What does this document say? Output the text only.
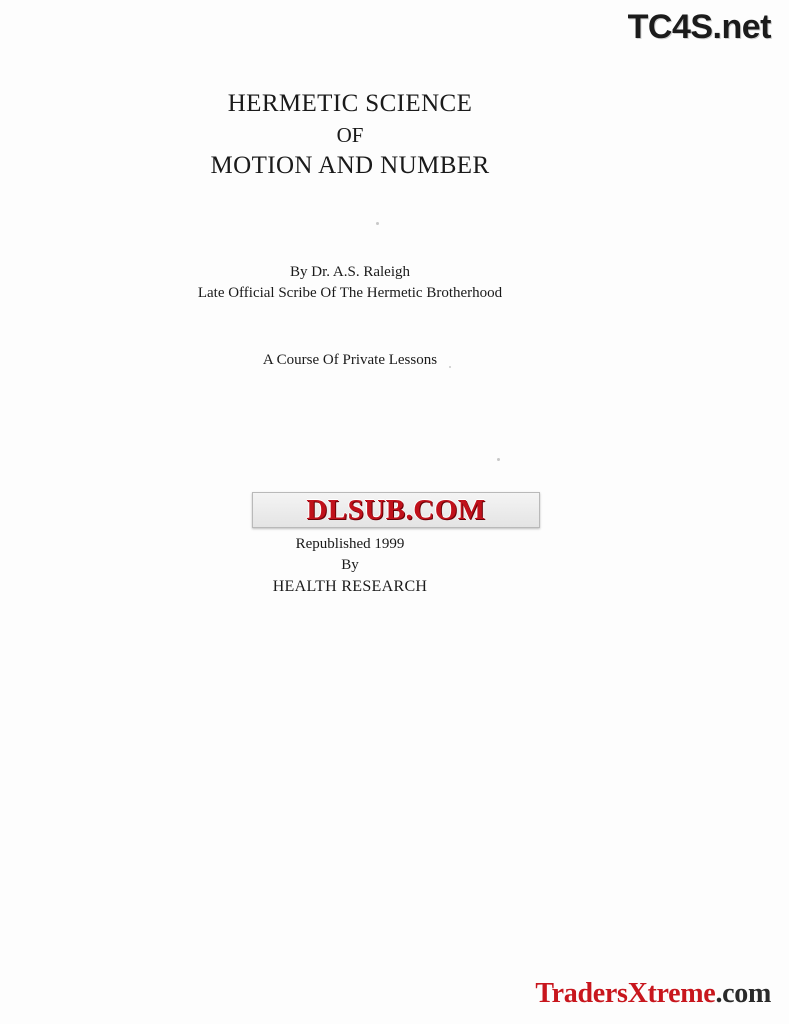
TC4S.net
HERMETIC SCIENCE
OF
MOTION AND NUMBER
By Dr. A.S. Raleigh
Late Official Scribe Of The Hermetic Brotherhood
A Course Of Private Lessons
DLSUB.COM
Republished 1999
By
HEALTH RESEARCH
TradersXtreme.com
